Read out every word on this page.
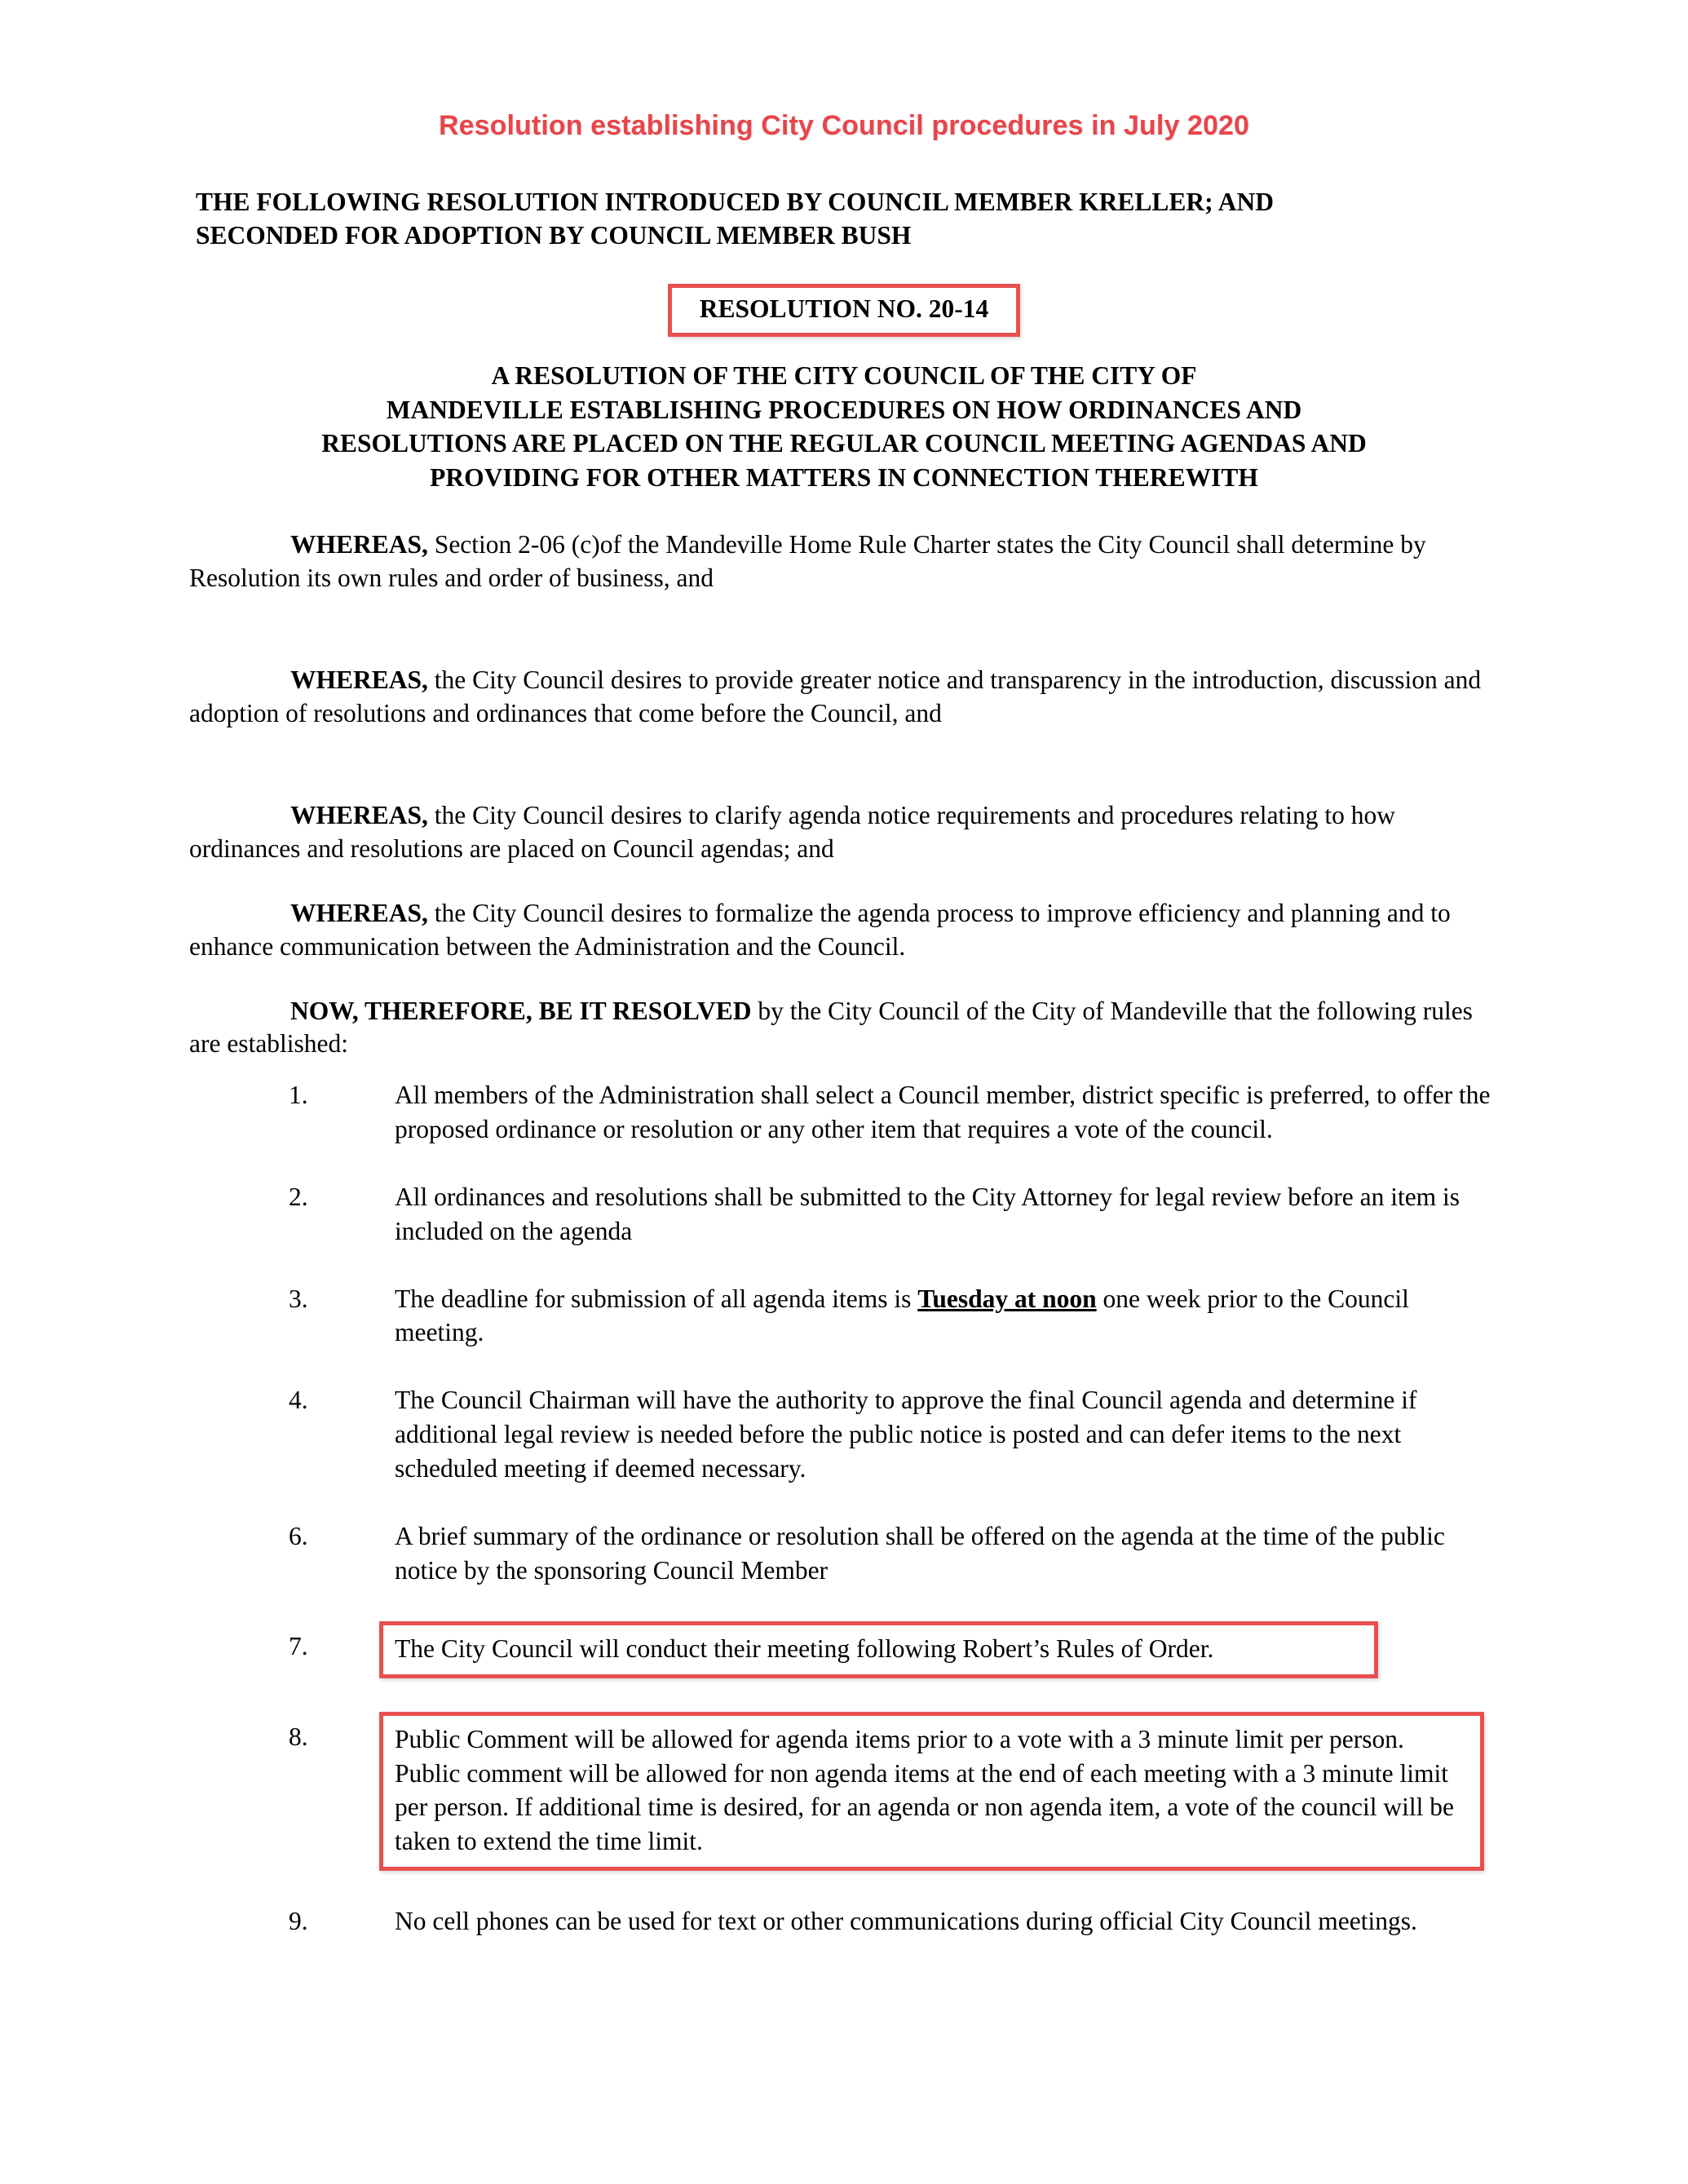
Resolution establishing City Council procedures in July 2020
THE FOLLOWING RESOLUTION INTRODUCED BY COUNCIL MEMBER KRELLER; AND
SECONDED FOR ADOPTION BY COUNCIL MEMBER BUSH
RESOLUTION NO. 20-14
A RESOLUTION OF THE CITY COUNCIL OF THE CITY OF
MANDEVILLE ESTABLISHING PROCEDURES ON HOW ORDINANCES AND
RESOLUTIONS ARE PLACED ON THE REGULAR COUNCIL MEETING AGENDAS AND
PROVIDING FOR OTHER MATTERS IN CONNECTION THEREWITH

WHEREAS, Section 2-06 (c)of the Mandeville Home Rule Charter states the City Council shall determine by Resolution its own rules and order of business, and

WHEREAS, the City Council desires to provide greater notice and transparency in the introduction, discussion and adoption of resolutions and ordinances that come before the Council, and

WHEREAS, the City Council desires to clarify agenda notice requirements and procedures relating to how ordinances and resolutions are placed on Council agendas; and

WHEREAS, the City Council desires to formalize the agenda process to improve efficiency and planning and to enhance communication between the Administration and the Council.

NOW, THEREFORE, BE IT RESOLVED by the City Council of the City of Mandeville that the following rules are established:

1.	All members of the Administration shall select a Council member, district specific is preferred, to offer the proposed ordinance or resolution or any other item that requires a vote of the council.
2.	All ordinances and resolutions shall be submitted to the City Attorney for legal review before an item is included on the agenda
3.	The deadline for submission of all agenda items is Tuesday at noon one week prior to the Council meeting.
4.	The Council Chairman will have the authority to approve the final Council agenda and determine if additional legal review is needed before the public notice is posted and can defer items to the next scheduled meeting if deemed necessary.
6.	A brief summary of the ordinance or resolution shall be offered on the agenda at the time of the public notice by the sponsoring Council Member
7.	The City Council will conduct their meeting following Robert’s Rules of Order.
8.	Public Comment will be allowed for agenda items prior to a vote with a 3 minute limit per person. Public comment will be allowed for non agenda items at the end of each meeting with a 3 minute limit per person. If additional time is desired, for an agenda or non agenda item, a vote of the council will be taken to extend the time limit.
9.	No cell phones can be used for text or other communications during official City Council meetings.
